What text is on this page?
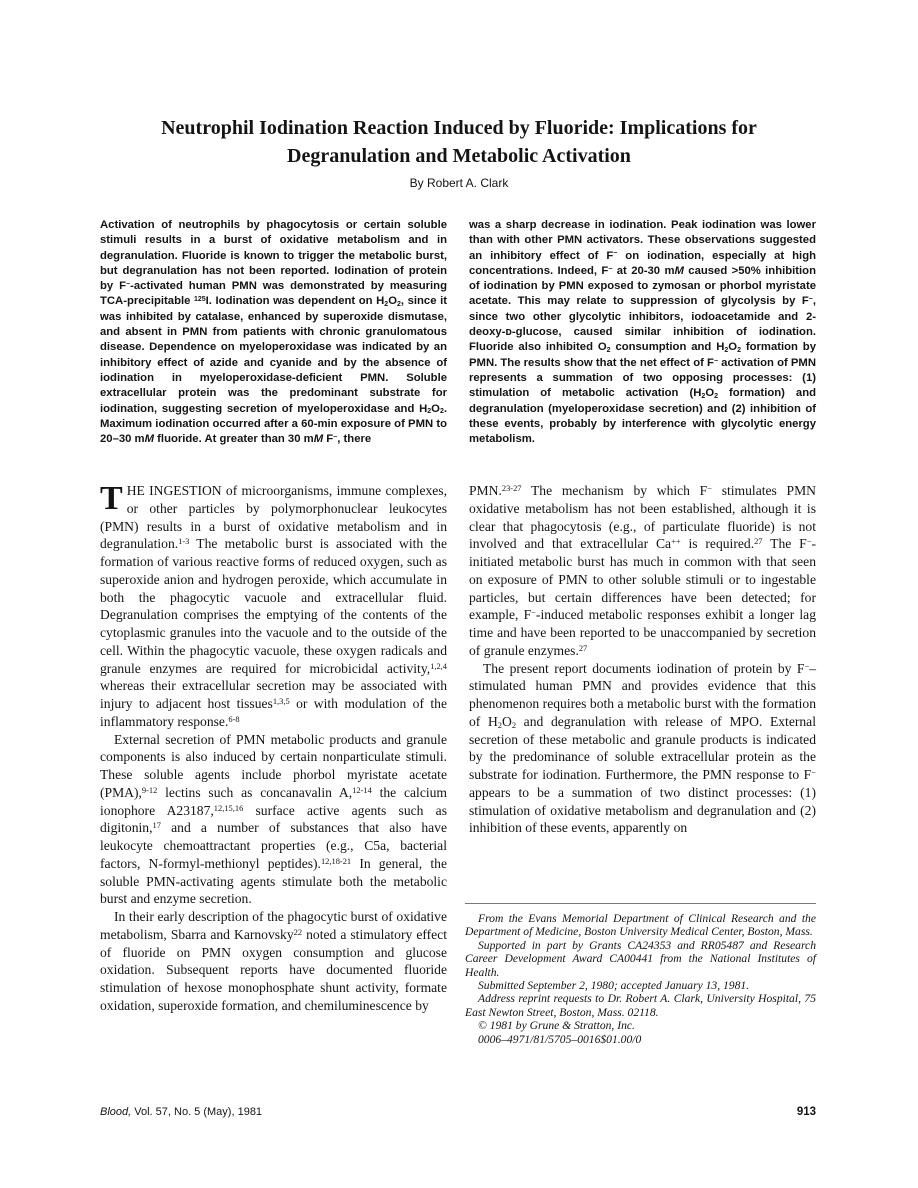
Neutrophil Iodination Reaction Induced by Fluoride: Implications for
Degranulation and Metabolic Activation
By Robert A. Clark
Activation of neutrophils by phagocytosis or certain soluble stimuli results in a burst of oxidative metabolism and in degranulation. Fluoride is known to trigger the metabolic burst, but degranulation has not been reported. Iodination of protein by F−-activated human PMN was demonstrated by measuring TCA-precipitable $^{125}$I. Iodination was dependent on $H_2O_2$, since it was inhibited by catalase, enhanced by superoxide dismutase, and absent in PMN from patients with chronic granulomatous disease. Dependence on myeloperoxidase was indicated by an inhibitory effect of azide and cyanide and by the absence of iodination in myeloperoxidase-deficient PMN. Soluble extracellular protein was the predominant substrate for iodination, suggesting secretion of myeloperoxidase and $H_2O_2$. Maximum iodination occurred after a 60-min exposure of PMN to 20–30 mM fluoride. At greater than 30 mM F−, there
was a sharp decrease in iodination. Peak iodination was lower than with other PMN activators. These observations suggested an inhibitory effect of F− on iodination, especially at high concentrations. Indeed, F− at 20-30 mM caused >50% inhibition of iodination by PMN exposed to zymosan or phorbol myristate acetate. This may relate to suppression of glycolysis by F−, since two other glycolytic inhibitors, iodoacetamide and 2-deoxy-ᴅ-glucose, caused similar inhibition of iodination. Fluoride also inhibited $O_2$ consumption and $H_2O_2$ formation by PMN. The results show that the net effect of F− activation of PMN represents a summation of two opposing processes: (1) stimulation of metabolic activation ($H_2O_2$ formation) and degranulation (myeloperoxidase secretion) and (2) inhibition of these events, probably by interference with glycolytic energy metabolism.

THE INGESTION of microorganisms, immune complexes, or other particles by polymorphonuclear leukocytes (PMN) results in a burst of oxidative metabolism and in degranulation.$^{1-3}$ The metabolic burst is associated with the formation of various reactive forms of reduced oxygen, such as superoxide anion and hydrogen peroxide, which accumulate in both the phagocytic vacuole and extracellular fluid. Degranulation comprises the emptying of the contents of the cytoplasmic granules into the vacuole and to the outside of the cell. Within the phagocytic vacuole, these oxygen radicals and granule enzymes are required for microbicidal activity,$^{1,2,4}$ whereas their extracellular secretion may be associated with injury to adjacent host tissues$^{1,3,5}$ or with modulation of the inflammatory response.$^{6-8}$

External secretion of PMN metabolic products and granule components is also induced by certain nonparticulate stimuli. These soluble agents include phorbol myristate acetate (PMA),$^{9-12}$ lectins such as concanavalin A,$^{12-14}$ the calcium ionophore A23187,$^{12,15,16}$ surface active agents such as digitonin,$^{17}$ and a number of substances that also have leukocyte chemoattractant properties (e.g., C5a, bacterial factors, N-formyl-methionyl peptides).$^{12,18-21}$ In general, the soluble PMN-activating agents stimulate both the metabolic burst and enzyme secretion.

In their early description of the phagocytic burst of oxidative metabolism, Sbarra and Karnovsky$^{22}$ noted a stimulatory effect of fluoride on PMN oxygen consumption and glucose oxidation. Subsequent reports have documented fluoride stimulation of hexose monophosphate shunt activity, formate oxidation, superoxide formation, and chemiluminescence by

PMN.$^{23-27}$ The mechanism by which F− stimulates PMN oxidative metabolism has not been established, although it is clear that phagocytosis (e.g., of particulate fluoride) is not involved and that extracellular Ca++ is required.$^{27}$ The F−-initiated metabolic burst has much in common with that seen on exposure of PMN to other soluble stimuli or to ingestable particles, but certain differences have been detected; for example, F−-induced metabolic responses exhibit a longer lag time and have been reported to be unaccompanied by secretion of granule enzymes.$^{27}$

The present report documents iodination of protein by F−–stimulated human PMN and provides evidence that this phenomenon requires both a metabolic burst with the formation of $H_2O_2$ and degranulation with release of MPO. External secretion of these metabolic and granule products is indicated by the predominance of soluble extracellular protein as the substrate for iodination. Furthermore, the PMN response to F− appears to be a summation of two distinct processes: (1) stimulation of oxidative metabolism and degranulation and (2) inhibition of these events, apparently on

From the Evans Memorial Department of Clinical Research and the Department of Medicine, Boston University Medical Center, Boston, Mass.

Supported in part by Grants CA24353 and RR05487 and Research Career Development Award CA00441 from the National Institutes of Health.

Submitted September 2, 1980; accepted January 13, 1981.

Address reprint requests to Dr. Robert A. Clark, University Hospital, 75 East Newton Street, Boston, Mass. 02118.

© 1981 by Grune & Stratton, Inc.

0006–4971/81/5705–0016$01.00/0

Blood, Vol. 57, No. 5 (May), 1981	913
